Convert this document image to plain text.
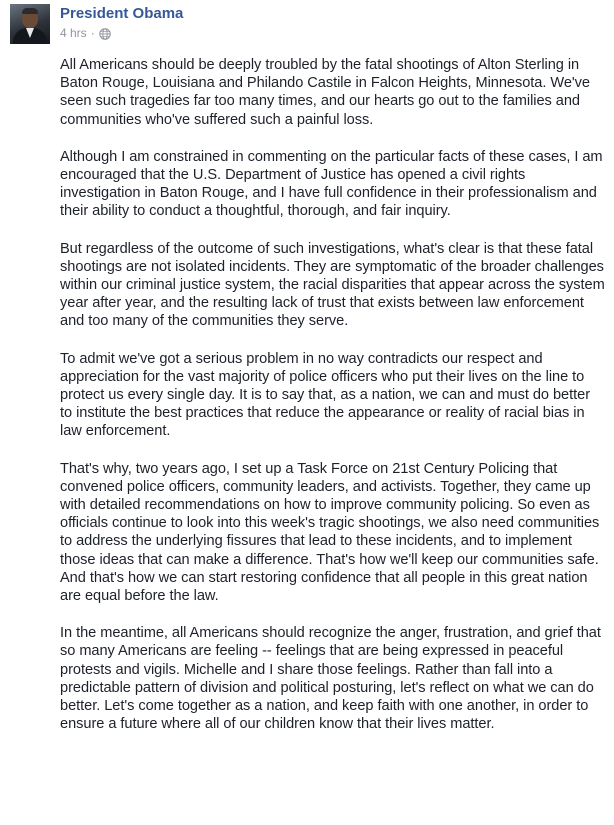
President Obama
4 hrs ·

All Americans should be deeply troubled by the fatal shootings of Alton Sterling in Baton Rouge, Louisiana and Philando Castile in Falcon Heights, Minnesota. We've seen such tragedies far too many times, and our hearts go out to the families and communities who've suffered such a painful loss.

Although I am constrained in commenting on the particular facts of these cases, I am encouraged that the U.S. Department of Justice has opened a civil rights investigation in Baton Rouge, and I have full confidence in their professionalism and their ability to conduct a thoughtful, thorough, and fair inquiry.

But regardless of the outcome of such investigations, what's clear is that these fatal shootings are not isolated incidents. They are symptomatic of the broader challenges within our criminal justice system, the racial disparities that appear across the system year after year, and the resulting lack of trust that exists between law enforcement and too many of the communities they serve.

To admit we've got a serious problem in no way contradicts our respect and appreciation for the vast majority of police officers who put their lives on the line to protect us every single day. It is to say that, as a nation, we can and must do better to institute the best practices that reduce the appearance or reality of racial bias in law enforcement.

That's why, two years ago, I set up a Task Force on 21st Century Policing that convened police officers, community leaders, and activists. Together, they came up with detailed recommendations on how to improve community policing. So even as officials continue to look into this week's tragic shootings, we also need communities to address the underlying fissures that lead to these incidents, and to implement those ideas that can make a difference. That's how we'll keep our communities safe. And that's how we can start restoring confidence that all people in this great nation are equal before the law.

In the meantime, all Americans should recognize the anger, frustration, and grief that so many Americans are feeling -- feelings that are being expressed in peaceful protests and vigils. Michelle and I share those feelings. Rather than fall into a predictable pattern of division and political posturing, let's reflect on what we can do better. Let's come together as a nation, and keep faith with one another, in order to ensure a future where all of our children know that their lives matter.
